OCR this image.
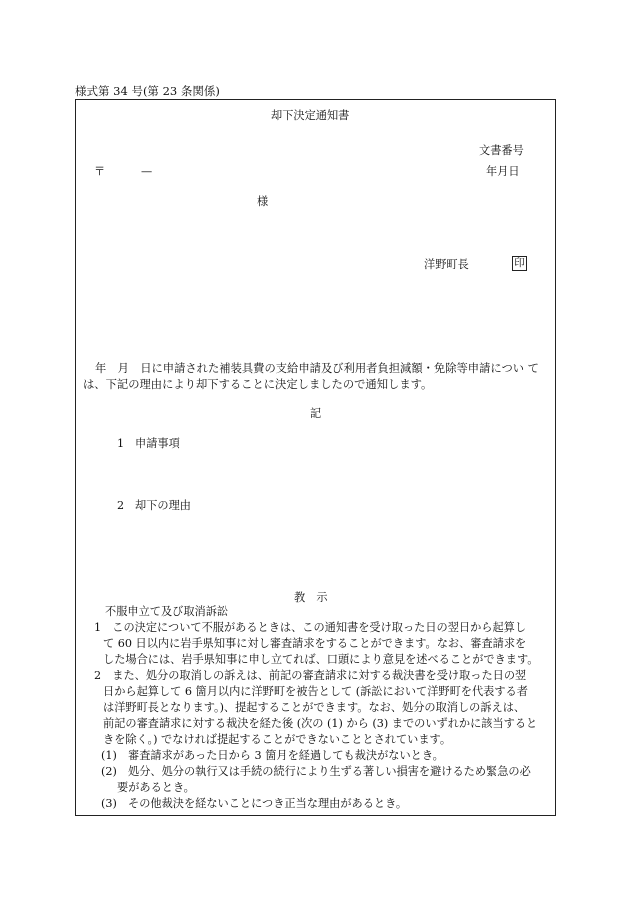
様式第 34 号(第 23 条関係)
却下決定通知書
文書番号
〒	—	年月日
様
洋野町長	印
年　月　日に申請された補装具費の支給申請及び利用者負担減額・免除等申請につい て
は、下記の理由により却下することに決定しましたので通知します。
記
1 申請事項
2 却下の理由
教　示
不服申立て及び取消訴訟
1　この決定について不服があるときは、この通知書を受け取った日の翌日から起算し
て 60 日以内に岩手県知事に対し審査請求をすることができます。なお、審査請求を
した場合には、岩手県知事に申し立てれば、口頭により意見を述べることができます。
2　また、処分の取消しの訴えは、前記の審査請求に対する裁決書を受け取った日の翌
日から起算して 6 箇月以内に洋野町を被告として (訴訟において洋野町を代表する者
は洋野町長となります。)、提起することができます。なお、処分の取消しの訴えは、
前記の審査請求に対する裁決を経た後 (次の (1) から (3) までのいずれかに該当すると
きを除く。) でなければ提起することができないこととされています。
(1)　審査請求があった日から 3 箇月を経過しても裁決がないとき。
(2)　処分、処分の執行又は手続の続行により生ずる著しい損害を避けるため緊急の必
要があるとき。
(3)　その他裁決を経ないことにつき正当な理由があるとき。
